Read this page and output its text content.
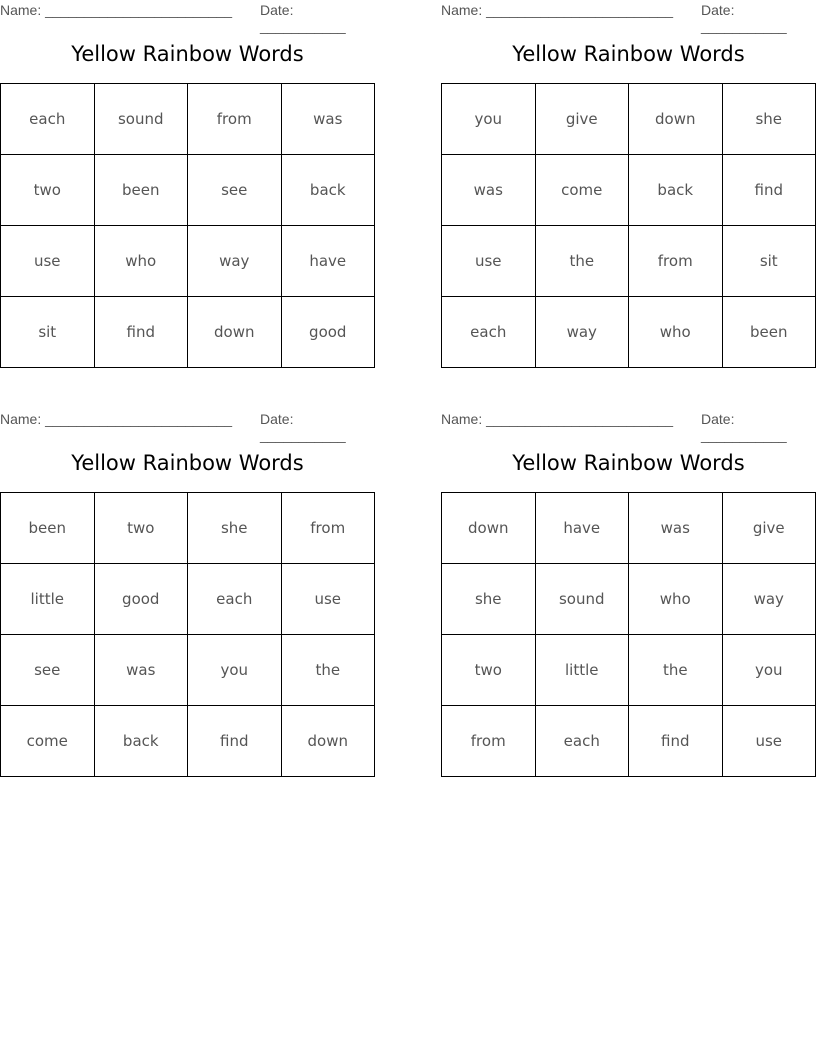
Name: ________________________ Date: ___________
Yellow Rainbow Words
each	sound	from	was
two	been	see	back
use	who	way	have
sit	find	down	good
Name: ________________________ Date: ___________
Yellow Rainbow Words
you	give	down	she
was	come	back	find
use	the	from	sit
each	way	who	been
Name: ________________________ Date: ___________
Yellow Rainbow Words
been	two	she	from
little	good	each	use
see	was	you	the
come	back	find	down
Name: ________________________ Date: ___________
Yellow Rainbow Words
down	have	was	give
she	sound	who	way
two	little	the	you
from	each	find	use
